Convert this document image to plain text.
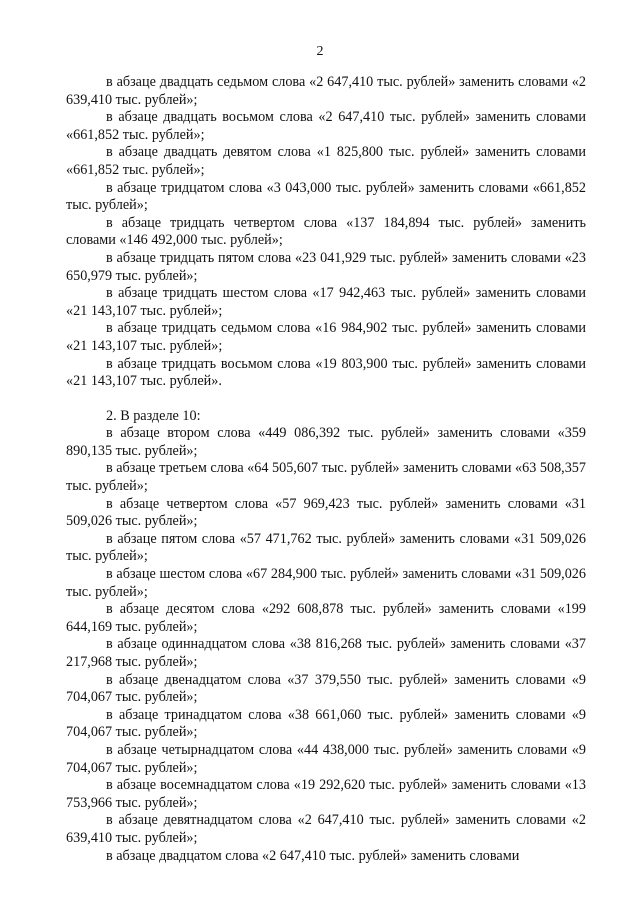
2

в абзаце двадцать седьмом слова «2 647,410 тыс. рублей» заменить словами «2 639,410 тыс. рублей»;

в абзаце двадцать восьмом слова «2 647,410 тыс. рублей» заменить словами «661,852 тыс. рублей»;

в абзаце двадцать девятом слова «1 825,800 тыс. рублей» заменить словами «661,852 тыс. рублей»;

в абзаце тридцатом слова «3 043,000 тыс. рублей» заменить словами «661,852 тыс. рублей»;

в абзаце тридцать четвертом слова «137 184,894 тыс. рублей» заменить словами «146 492,000 тыс. рублей»;

в абзаце тридцать пятом слова «23 041,929 тыс. рублей» заменить словами «23 650,979 тыс. рублей»;

в абзаце тридцать шестом слова «17 942,463 тыс. рублей» заменить словами «21 143,107 тыс. рублей»;

в абзаце тридцать седьмом слова «16 984,902 тыс. рублей» заменить словами «21 143,107 тыс. рублей»;

в абзаце тридцать восьмом слова «19 803,900 тыс. рублей» заменить словами «21 143,107 тыс. рублей».

2. В разделе 10:

в абзаце втором слова «449 086,392 тыс. рублей» заменить словами «359 890,135 тыс. рублей»;

в абзаце третьем слова «64 505,607 тыс. рублей» заменить словами «63 508,357 тыс. рублей»;

в абзаце четвертом слова «57 969,423 тыс. рублей» заменить словами «31 509,026 тыс. рублей»;

в абзаце пятом слова «57 471,762 тыс. рублей» заменить словами «31 509,026 тыс. рублей»;

в абзаце шестом слова «67 284,900 тыс. рублей» заменить словами «31 509,026 тыс. рублей»;

в абзаце десятом слова «292 608,878 тыс. рублей» заменить словами «199 644,169 тыс. рублей»;

в абзаце одиннадцатом слова «38 816,268 тыс. рублей» заменить словами «37 217,968 тыс. рублей»;

в абзаце двенадцатом слова «37 379,550 тыс. рублей» заменить словами «9 704,067 тыс. рублей»;

в абзаце тринадцатом слова «38 661,060 тыс. рублей» заменить словами «9 704,067 тыс. рублей»;

в абзаце четырнадцатом слова «44 438,000 тыс. рублей» заменить словами «9 704,067 тыс. рублей»;

в абзаце восемнадцатом слова «19 292,620 тыс. рублей» заменить словами «13 753,966 тыс. рублей»;

в абзаце девятнадцатом слова «2 647,410 тыс. рублей» заменить словами «2 639,410 тыс. рублей»;

в абзаце двадцатом слова «2 647,410 тыс. рублей» заменить словами
